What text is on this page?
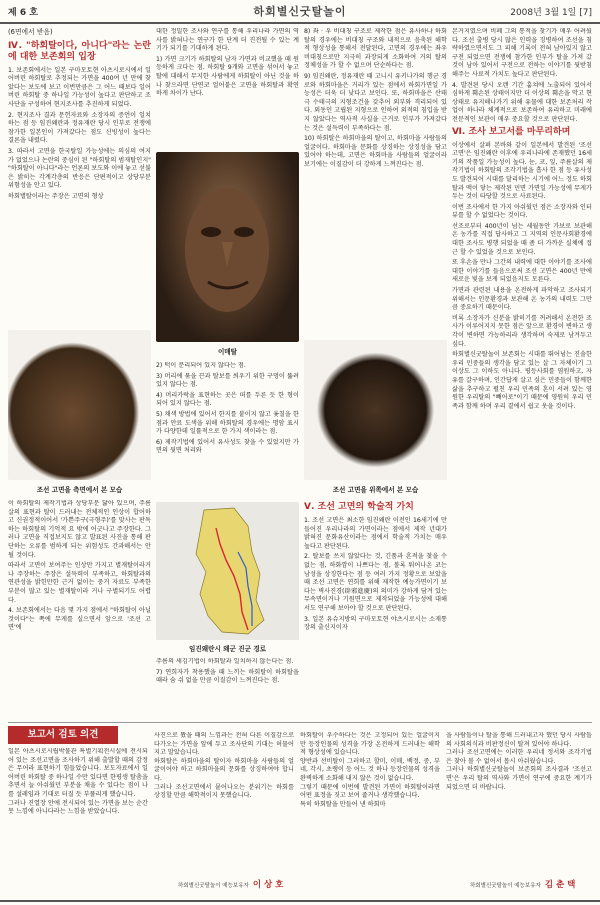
제 6 호	하회별신굿탈놀이	2008년 3월 1일 [7]
(6면에서 받음)
Ⅳ. "하회탈이다, 아니다"라는 논란에 대한 보존회의 입장

1. 보존회에서는 일본 구마모토현 아츠시로시에서 일어버린 하회탈로 추정되는 가면을 400여 년 만에 찾았다는 보도에 보고 이번만큼은 그 어느 때보다 일어버린 하회탈 중 하나일 가능성이 높다고 판단하고 조사단을 구성하여 현지조사를 추진하게 되었다.

2. 현지조사 결과 문헌자료와 소장자의 증언이 일치하는 점 등 임진왜란과 정유재란 당시 인부로 전쟁에 참가한 일본인이 가져갔다는 점도 신빙성이 높다는 결론을 내렸다.

3. 따라서 고면을 한국탈일 가능성에는 의심의 여지가 없었으나 논란의 중심이 된 "하회탈의 범재탈인지" "하회탈이 아니다"라는 언론의 보도와 이에 놓고 섣불은 밝히는 각계각층의 반응은 단편적이고 상당부분 위험성을 안고 있다.

하회별탈이라는 주장은 고면의 형상

조선 고면을 측면에서 본 모습

이 하회탈의 제작기법과 상당부분 닮아 있으며, 주름살의 표현과 탈이 드러내는 전체적인 인상이 합어하고 신권정적이어서 '가쁜주구(극형주)'를 맞사는 판독하는 하회탈의 기억적 요 밖에 어긋나고 주장한다. 그러나 고면을 직접보지도 않고 발표된 사진을 통해 판단하는 오류를 범하게 되는 위험성도 간과해서는 안 될 것이다.

따라서 고면이 보여주는 인상만 가지고 별재탈이라거나 주장하는 주장은 설득력이 부족하고, 하회탈과의 연관성을 밝힌만한 근거 없이는 중거 자료도 부족한 부분이 많고 있는 별재탈이라 거나 구별되기도 어렵다.

4. 보존회에서는 다음 몇 가지 점에서 "하회탈이 아닐 것이다"는 쪽에 무게를 실으면서 앞으로 '조선 고면'에

대한 정밀한 조사와 연구를 통해 우리나라 가면의 역사를 밝혀나는 연구가 한 단계 더 진전될 수 있는 계기가 되기를 기대하게 된다.

1) 가면 크기가 하회탈의 남자 가면과 비교했을 때 원등하게 크다는 점. 하회탈 9개와 고면을 섞어서 놓고 탈에 대해서 무지한 사람에게 하회탈이 아닌 것을 하나 찾으라면 단연코 얼어붙은 고면을 하회탈과 확연하게 차이가 난다.

이매탈

2) 턱이 분리되어 있지 않다는 점.

3) 머리에 묶을 끈과 탈보를 씌우기 위한 구멍이 뚫려 있지 않다는 점.

4) 머리카락을 표현하는 곳은 떠를 두른 듯 한 형이 되어 있지 않다는 점.

5) 채색 방법에 있어서 한지를 붙이지 않고 옻칠을 한 점과 안료 도색을 위해 하회탈의 경우에는 명암 표시가 다양한데 일률적으로 한 가지 색이라는 점.

6) 제작기법에 있어서 유사성도 찾을 수 있었지만 가면의 뒷면 처리와

임진왜란시 왜군 진군 경로

주름의 새김기법이 하회탈과 일치하지 않는다는 점.

7) 연희자가 착용했을 때 느끼는 하회탈이 하회탈을 때라 숨 쉬 없을 만큼 이질감이 느껴진다는 점.

8) 좌 · 우 비대칭 구조로 제작한 점은 유사하나 하회탈의 경우에는 비대칭 구조와 내적으로 음축된 해학적 형상성을 통해서 전달된다, 고면의 경우에는 좌우 비대칭으로만 지극히 과장되게 소화하여 거의 탈의 정체성을 가 할 수 없으며 단순하다는 점.

9) 임진왜란, 정유재란 때 고니시 유키나가의 행군 경로와 하회마을은 거리가 있는 점에서 하회가면일 가능성은 더욱 더 낮다고 보인다. 또, 하회마을은 산태극 수태극의 지형조건을 갖추어 외부와 격리되어 있다. 외동인 고립된 지형으로 인하여 외적의 침입을 받지 않았다는 역사적 사실을 근거로 인부가 가져갔다는 것은 설득력이 부족하다는 점.

10) 하회탈은 하회마을의 탈이고, 하회마을 사람들의 얼굴이다. 하회마을 문화를 상징하는 상징성을 담고 있어야 하는데, 고면은 하회마을 사람들의 얼굴이라 보기에는 이질감이 더 강하게 느껴진다는 점.

조선 고면을 위쪽에서 본 모습
Ⅴ. 조선 고면의 학술적 가치

1. 조선 고면은 최소한 임진왜란 이전인 16세기에 만들어진 우리나라의 가면이라는 점에서 제작 년대가 밝혀진 문화유산이라는 점에서 학술적 가치는 매우 높다고 판단된다.

2. 탈보를 쓰지 않았다는 것, 긴품과 흔적을 찾을 수 없는 점, 하화깜이 나쁘다는 점, 볼록 튀어나온 코는 남성을 상징한다는 점 등 여러 가지 정황으로 보았을 때 조선 고면은 연희를 위해 제작한 예능가면이기 보다는 벽사진경(辟邪進慶)의 의미가 강하게 담겨 있는 무속면이거나 기원면으로 제작되었을 가능성에 대해서도 연구해 보아야 할 것으로 판단된다.

3. 일본 유슈지방의 구마모토현 야츠시로시는 소재통장의 출신지이자

본거지였으며 비폐 그의 통적을 찾기가 매우 어려웠다. 조선 출병 당시 많은 인력을 징병하여 조선을 침략하였으면서도 그 피해 기록이 전혀 남아있지 않고 구전 되었으면 전쟁에 참가한 인부가 탈을 가져 갔 것이 남아 있어서 구전으로 전하는 이야기를 뒷받침해주는 사료적 가치도 높다고 판단된다.

4. 발견된 당시 오랜 기간 훔쳐에 노출되어 있어서 심하게 훼손된 상태이지만 더 이상의 훼손을 막고 현 상태로 유지해나가기 위해 유물에 대한 보존처리 작업이 하나라 체계적으로 보존하여 유리하고 미래에 전문적인 보관이 매우 중요할 것으로 판단된다.

Ⅵ. 조사 보고서를 마무리하며

이상에서 살펴 본바와 같이 일본에서 발견된 '조선 고면'은 임진왜란 이후에 우리나라에 존재했던 16세기의 작품일 가능성이 높다. 눈, 코, 잎, 주름살의 제작기법이 하회탈의 조각기법을 흡사 한 점 등 유사성도 발견되어 시대를 달리하는 시기에 어느 정도 하회탈과 맥이 닿는 제작된 민면 가면일 가능성에 무게가 두는 것이 타당할 것으로 사료된다.

이번 조사에서 한 가지 아쉬웠던 점은 소장자와 인터뷰를 할 수 없었다는 것이다.

선조로부터 400년이 넘는 세월동안 가보로 보관해 온 농가를 직접 답사하고 그 지역의 인문사회환경에 대한 조사도 병행 되었을 때 좀 더 가까운 실체에 접근 할 수 있었을 것으로 보인다.

또 후손을 만나 그간의 내력에 대한 이야기를 조사에 대한 이야기를 들음으로써 조선 고면은 400년 만에 새로운 빛을 보게 되었음지도 모른다.

가면과 관련된 내용을 온전하게 파악하고 조사되기 위해서는 인문환경과 보관해 온 농가의 내력도 그만큼 중요하기 때문이다.

비록 소장자가 신분을 밝히기를 꺼려해서 온전한 조사가 이루어지지 못한 점은 앞으로 환경이 변하고 생각이 변하면 가능하리라 생각하며 숙제로 남겨두고 싶다.

하회별신굿탈놀이 보존회는 시대를 뛰어넘는 진솔한 우리 민중들의 생각을 담고 있는 살 그 자체이기 그 이상도 그 이하도 아니다. 평등사회를 염원하고, 자유를 갈구하며, 인간답게 살고 싶은 민중들이 함께한 삶을 추구하고 펼친 우리 민족의 혼이 서려 있는 영원한 우리탈의 "빼어로"이기 때문에 영원히 우리 민족과 함께 하며 우리 곁에서 쉽고 웃을 것이다.

보고서 검토 의견
일본 아츠시로시립박물관 특별기획전시실에 전시되어 있는 조선고면을 조사하기 위해 출발할 때의 감정은 무어라 표현하기 힘들었습니다. 보도자료에서 일어버린 하회탈 중 하나일 수만 있다면 한평생 탈춤을 추면서 늘 아쉬웠던 부분을 채울 수 있다는 점이 나를 설레임과 기대로 터질 듯 부풀리게 했습니다.
그러나 진열장 안에 전시되어 있는 가면을 보는 순간 못 느낌에 아니다라는 느낌을 받았습니다.
사진으로 봤을 때의 느낌과는 전혀 다른 이질감으로 다가오는 가면을 앞에 두고 조사단의 기대는 허물어지고 말았습니다.
하회탈은 하회마을의 탈이자 하회마을 사람들의 얼굴이어야 하고 하회마을의 문화를 상징하여야 합니다.
그러나 조선고면에서 뭍어나오는 분위기는 하회를 상징할 만큼 해학적이지 못했습니다.
하회탈이 우수하다는 것은 고정되어 있는 얼굴이지만 등장인물의 성격을 가장 온전하게 드러내는 해학적 형상성에 있습니다.
양반과 선비탈이 그러하고 할미, 이매, 백정, 중, 부네, 각시, 초랭이 등 어느 것 하나 등장인물의 성격을 완벽하게 소화해 내지 않은 것이 없습니다.
그렇기 때문에 이번에 발견된 가면이 하회탈이라면 어떤 표정을 짓고 보여 줍거나 생각했습니다.
특히 하회탈을 만들어 낸 하회마
을 사람들이나 탈을 통해 드러내고자 했던 당시 사람들의 사회의식과 비판정신이 탈져 있어야 하나다.
그러나 조선고면에는 이러한 우리네 정서와 조각기법은 찾아 볼 수 없어서 몹시 아쉬웠습니다.
그러나 하회별신굿탈놀이 보존회의 조사결과 '조선고면'은 우리 탈의 역사와 가면이 연구에 중요한 계기가 되었으면 더 바랍니다.
하회별신굿탈놀이 예능보유자 이 상 호	하회별신굿탈놀이 예능보유자 김 춘 택
